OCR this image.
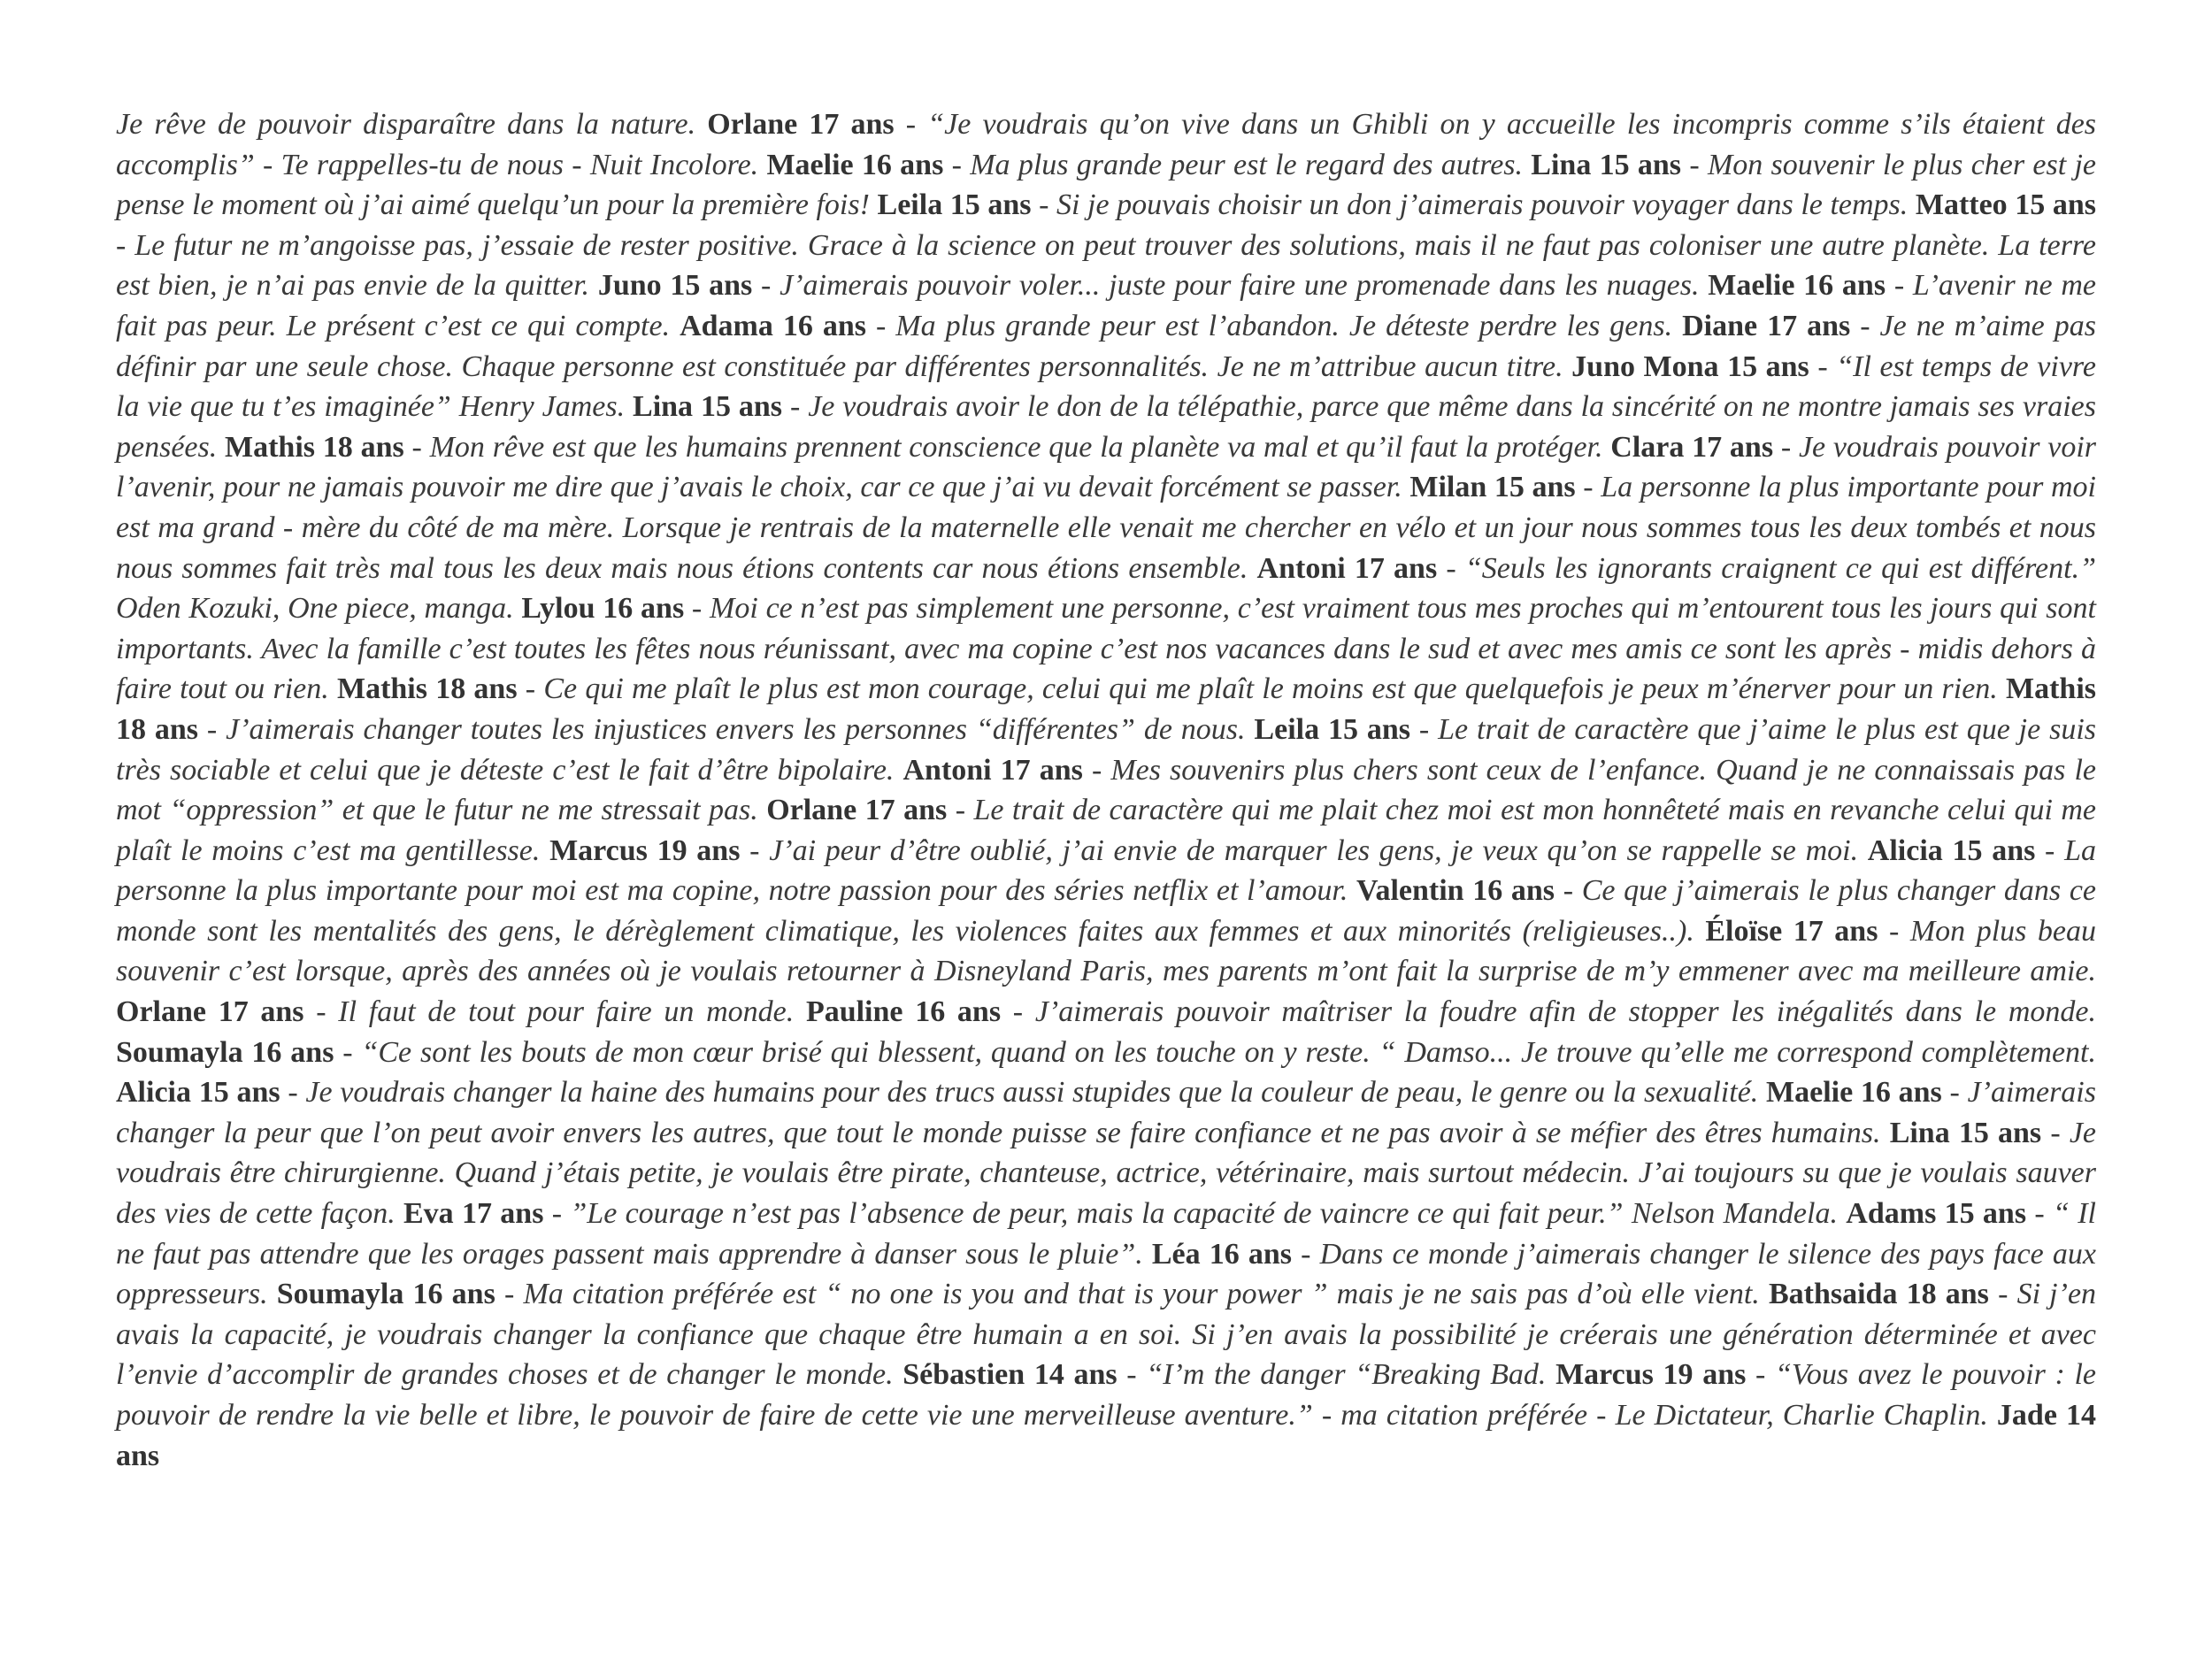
Je rêve de pouvoir disparaître dans la nature. Orlane 17 ans - “Je voudrais qu’on vive dans un Ghibli on y accueille les incompris comme s’ils étaient des accomplis” - Te rappelles-tu de nous - Nuit Incolore. Maelie 16 ans - Ma plus grande peur est le regard des autres. Lina 15 ans - Mon souvenir le plus cher est je pense le moment où j’ai aimé quelqu’un pour la première fois! Leila 15 ans - Si je pouvais choisir un don j’aimerais pouvoir voyager dans le temps. Matteo 15 ans - Le futur ne m’angoisse pas, j’essaie de rester positive. Grace à la science on peut trouver des solutions, mais il ne faut pas coloniser une autre planète. La terre est bien, je n’ai pas envie de la quitter. Juno 15 ans - J’aimerais pouvoir voler... juste pour faire une promenade dans les nuages. Maelie 16 ans - L’avenir ne me fait pas peur. Le présent c’est ce qui compte. Adama 16 ans - Ma plus grande peur est l’abandon. Je déteste perdre les gens. Diane 17 ans - Je ne m’aime pas définir par une seule chose. Chaque personne est constituée par différentes personnalités. Je ne m’attribue aucun titre. Juno Mona 15 ans - “Il est temps de vivre la vie que tu t’es imaginée” Henry James. Lina 15 ans - Je voudrais avoir le don de la télépathie, parce que même dans la sincérité on ne montre jamais ses vraies pensées. Mathis 18 ans - Mon rêve est que les humains prennent conscience que la planète va mal et qu’il faut la protéger. Clara 17 ans - Je voudrais pouvoir voir l’avenir, pour ne jamais pouvoir me dire que j’avais le choix, car ce que j’ai vu devait forcément se passer. Milan 15 ans - La personne la plus importante pour moi est ma grand - mère du côté de ma mère. Lorsque je rentrais de la maternelle elle venait me chercher en vélo et un jour nous sommes tous les deux tombés et nous nous sommes fait très mal tous les deux mais nous étions contents car nous étions ensemble. Antoni 17 ans - “Seuls les ignorants craignent ce qui est différent.” Oden Kozuki, One piece, manga. Lylou 16 ans - Moi ce n’est pas simplement une personne, c’est vraiment tous mes proches qui m’entourent tous les jours qui sont importants. Avec la famille c’est toutes les fêtes nous réunissant, avec ma copine c’est nos vacances dans le sud et avec mes amis ce sont les après - midis dehors à faire tout ou rien. Mathis 18 ans - Ce qui me plaît le plus est mon courage, celui qui me plaît le moins est que quelquefois je peux m’énerver pour un rien. Mathis 18 ans - J’aimerais changer toutes les injustices envers les personnes “différentes” de nous. Leila 15 ans - Le trait de caractère que j’aime le plus est que je suis très sociable et celui que je déteste c’est le fait d’être bipolaire. Antoni 17 ans - Mes souvenirs plus chers sont ceux de l’enfance. Quand je ne connaissais pas le mot “oppression” et que le futur ne me stressait pas. Orlane 17 ans - Le trait de caractère qui me plait chez moi est mon honnêteté mais en revanche celui qui me plaît le moins c’est ma gentillesse. Marcus 19 ans - J’ai peur d’être oublié, j’ai envie de marquer les gens, je veux qu’on se rappelle se moi. Alicia 15 ans - La personne la plus importante pour moi est ma copine, notre passion pour des séries netflix et l’amour. Valentin 16 ans - Ce que j’aimerais le plus changer dans ce monde sont les mentalités des gens, le dérèglement climatique, les violences faites aux femmes et aux minorités (religieuses..). Éloïse 17 ans - Mon plus beau souvenir c’est lorsque, après des années où je voulais retourner à Disneyland Paris, mes parents m’ont fait la surprise de m’y emmener avec ma meilleure amie. Orlane 17 ans - Il faut de tout pour faire un monde. Pauline 16 ans - J’aimerais pouvoir maîtriser la foudre afin de stopper les inégalités dans le monde. Soumayla 16 ans - “Ce sont les bouts de mon cœur brisé qui blessent, quand on les touche on y reste. “ Damso... Je trouve qu’elle me correspond complètement. Alicia 15 ans - Je voudrais changer la haine des humains pour des trucs aussi stupides que la couleur de peau, le genre ou la sexualité. Maelie 16 ans - J’aimerais changer la peur que l’on peut avoir envers les autres, que tout le monde puisse se faire confiance et ne pas avoir à se méfier des êtres humains. Lina 15 ans - Je voudrais être chirurgienne. Quand j’étais petite, je voulais être pirate, chanteuse, actrice, vétérinaire, mais surtout médecin. J’ai toujours su que je voulais sauver des vies de cette façon. Eva 17 ans - ”Le courage n’est pas l’absence de peur, mais la capacité de vaincre ce qui fait peur.” Nelson Mandela. Adams 15 ans - “ Il ne faut pas attendre que les orages passent mais apprendre à danser sous le pluie”. Léa 16 ans - Dans ce monde j’aimerais changer le silence des pays face aux oppresseurs. Soumayla 16 ans - Ma citation préférée est “ no one is you and that is your power ” mais je ne sais pas d’où elle vient. Bathsaida 18 ans - Si j’en avais la capacité, je voudrais changer la confiance que chaque être humain a en soi. Si j’en avais la possibilité je créerais une génération déterminée et avec l’envie d’accomplir de grandes choses et de changer le monde. Sébastien 14 ans - “I’m the danger “Breaking Bad. Marcus 19 ans - “Vous avez le pouvoir : le pouvoir de rendre la vie belle et libre, le pouvoir de faire de cette vie une merveilleuse aventure.” - ma citation préférée - Le Dictateur, Charlie Chaplin. Jade 14 ans
